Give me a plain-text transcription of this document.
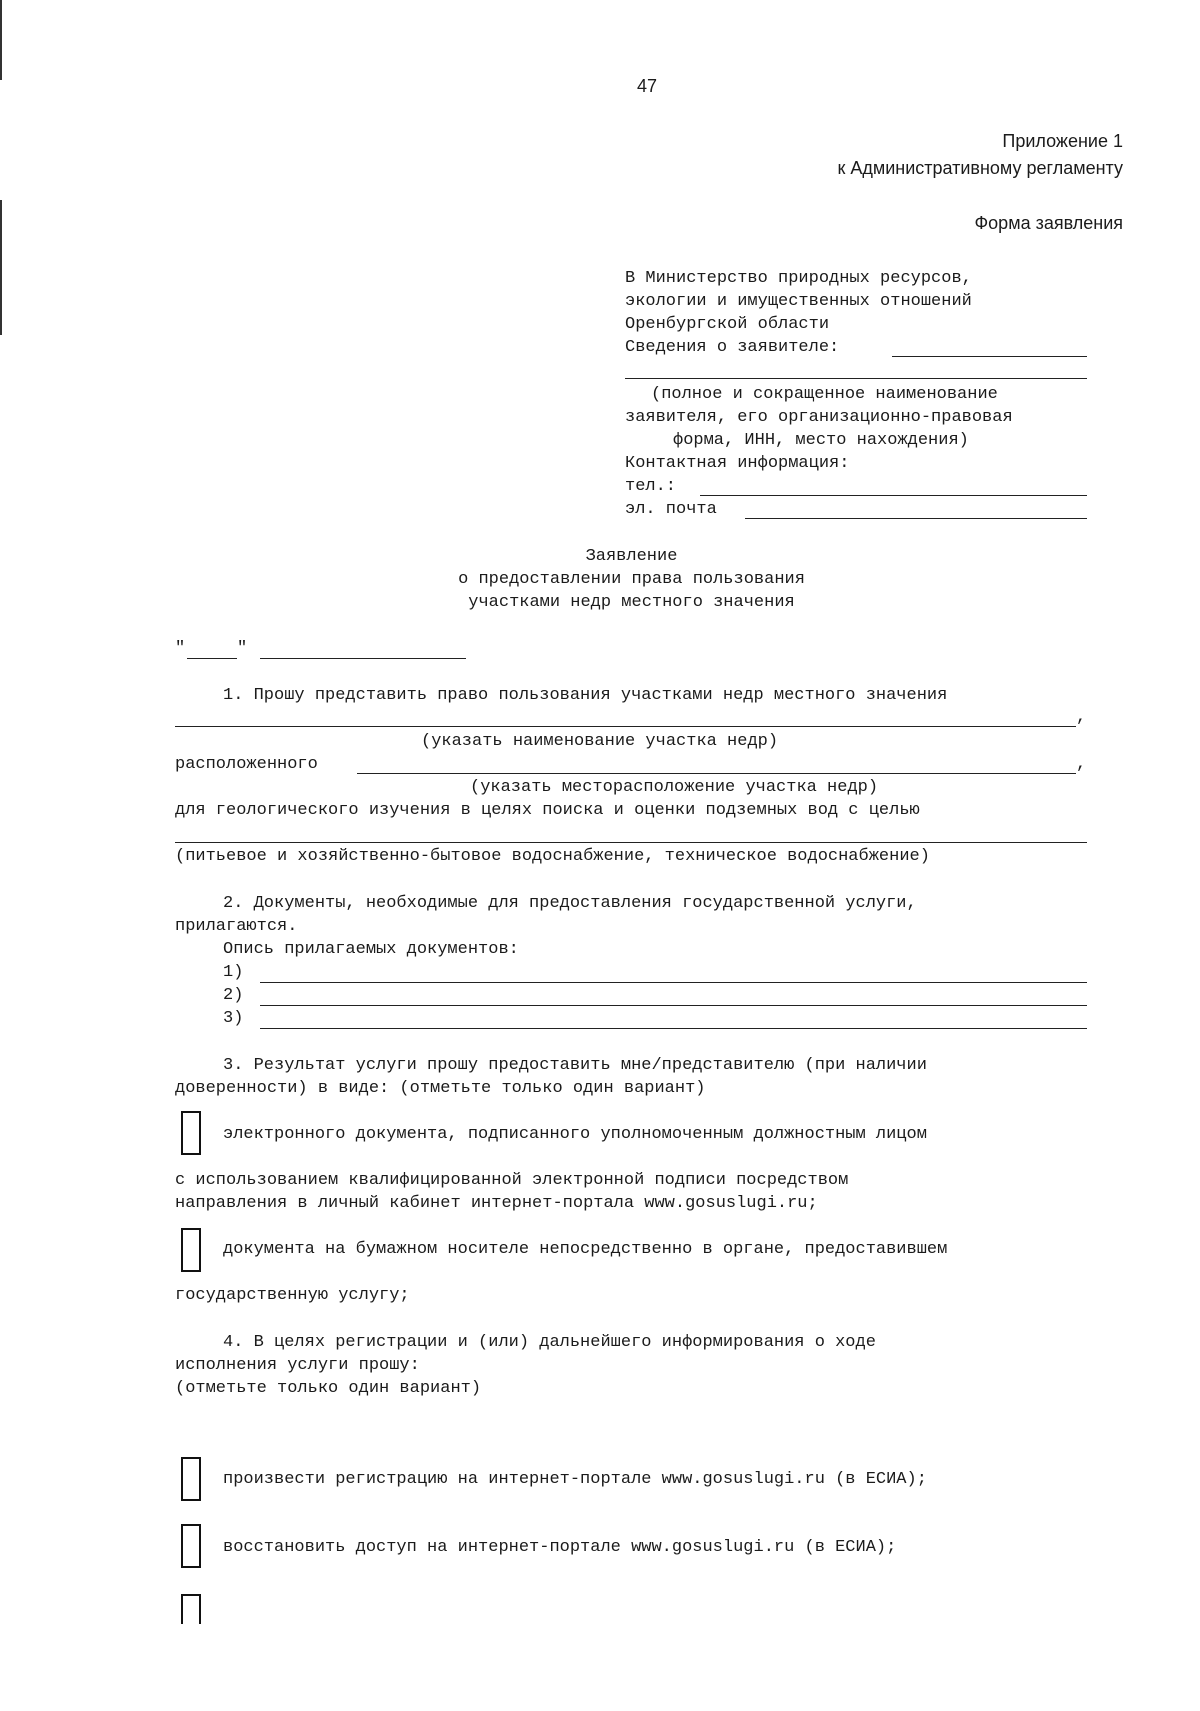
47
Приложение 1
к Административному регламенту
Форма заявления
В Министерство природных ресурсов,
экологии и имущественных отношений
Оренбургской области
Сведения о заявителе:
(полное и сокращенное наименование
заявителя, его организационно-правовая
форма, ИНН, место нахождения)
Контактная информация:
тел.:
эл. почта
Заявление
о предоставлении права пользования
участками недр местного значения
"	"
1. Прошу представить право пользования участками недр местного значения
,
(указать наименование участка недр)
расположенного	,
(указать месторасположение участка недр)
для геологического изучения в целях поиска и оценки подземных вод с целью
(питьевое и хозяйственно-бытовое водоснабжение, техническое водоснабжение)
2. Документы, необходимые для предоставления государственной услуги,
прилагаются.
Опись прилагаемых документов:
1)
2)
3)
3. Результат услуги прошу предоставить мне/представителю (при наличии
доверенности) в виде: (отметьте только один вариант)
электронного документа, подписанного уполномоченным должностным лицом
с использованием квалифицированной электронной подписи посредством
направления в личный кабинет интернет-портала www.gosuslugi.ru;
документа на бумажном носителе непосредственно в органе, предоставившем
государственную услугу;
4. В целях регистрации и (или) дальнейшего информирования о ходе
исполнения услуги прошу:
(отметьте только один вариант)
произвести регистрацию на интернет-портале www.gosuslugi.ru (в ЕСИА);
восстановить доступ на интернет-портале www.gosuslugi.ru (в ЕСИА);
